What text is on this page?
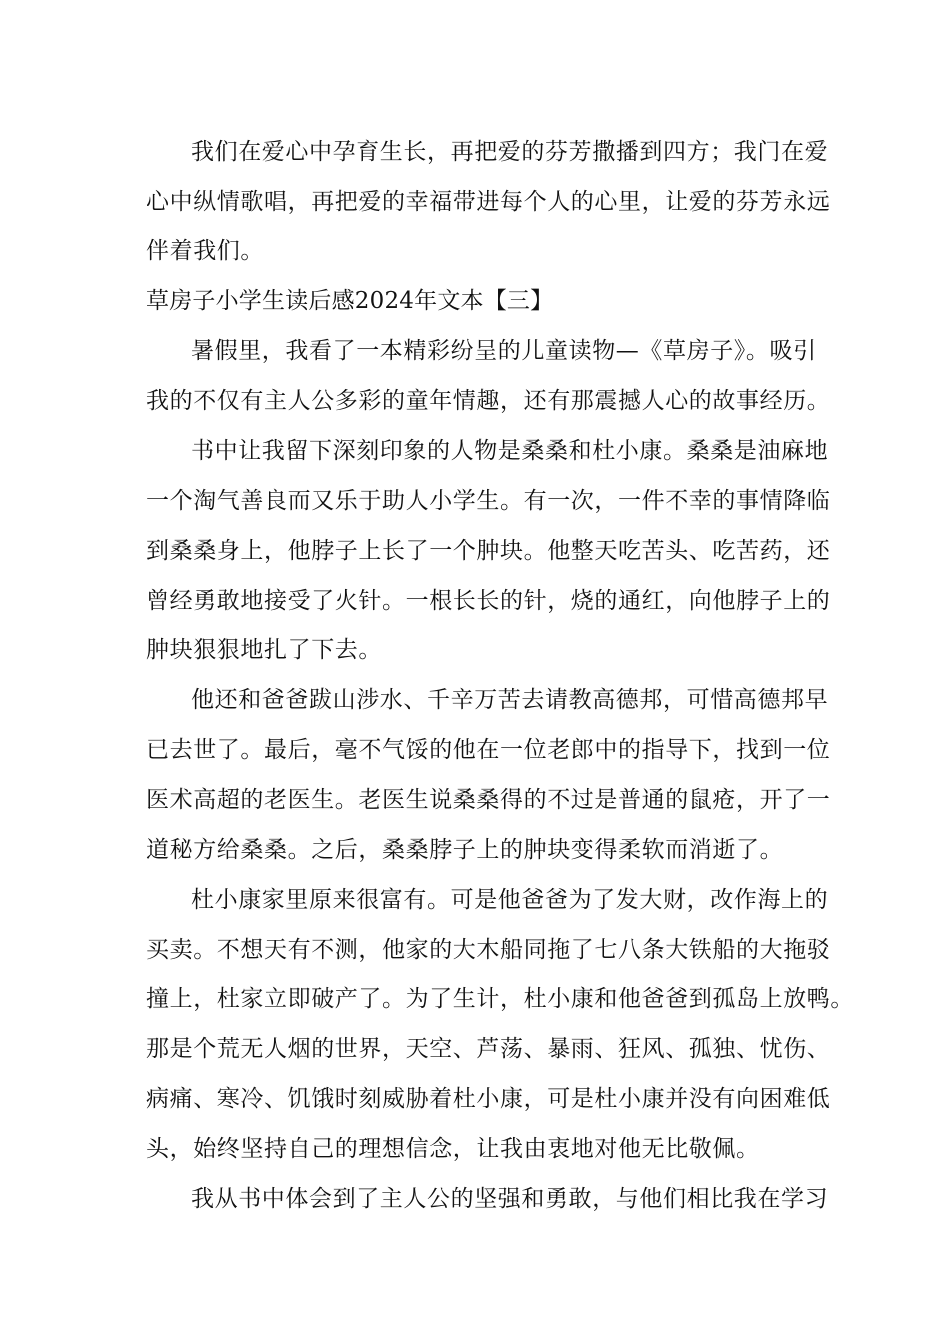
我们在爱心中孕育生长，再把爱的芬芳撒播到四方；我门在爱
心中纵情歌唱，再把爱的幸福带进每个人的心里，让爱的芬芳永远
伴着我们。
草房子小学生读后感2024年文本【三】
暑假里，我看了一本精彩纷呈的儿童读物—《草房子》。吸引
我的不仅有主人公多彩的童年情趣，还有那震撼人心的故事经历。
书中让我留下深刻印象的人物是桑桑和杜小康。桑桑是油麻地
一个淘气善良而又乐于助人小学生。有一次，一件不幸的事情降临
到桑桑身上，他脖子上长了一个肿块。他整天吃苦头、吃苦药，还
曾经勇敢地接受了火针。一根长长的针，烧的通红，向他脖子上的
肿块狠狠地扎了下去。
他还和爸爸跋山涉水、千辛万苦去请教高德邦，可惜高德邦早
已去世了。最后，毫不气馁的他在一位老郎中的指导下，找到一位
医术高超的老医生。老医生说桑桑得的不过是普通的鼠疮，开了一
道秘方给桑桑。之后，桑桑脖子上的肿块变得柔软而消逝了。
杜小康家里原来很富有。可是他爸爸为了发大财，改作海上的
买卖。不想天有不测，他家的大木船同拖了七八条大铁船的大拖驳
撞上，杜家立即破产了。为了生计，杜小康和他爸爸到孤岛上放鸭。
那是个荒无人烟的世界，天空、芦荡、暴雨、狂风、孤独、忧伤、
病痛、寒冷、饥饿时刻威胁着杜小康，可是杜小康并没有向困难低
头，始终坚持自己的理想信念，让我由衷地对他无比敬佩。
我从书中体会到了主人公的坚强和勇敢，与他们相比我在学习
